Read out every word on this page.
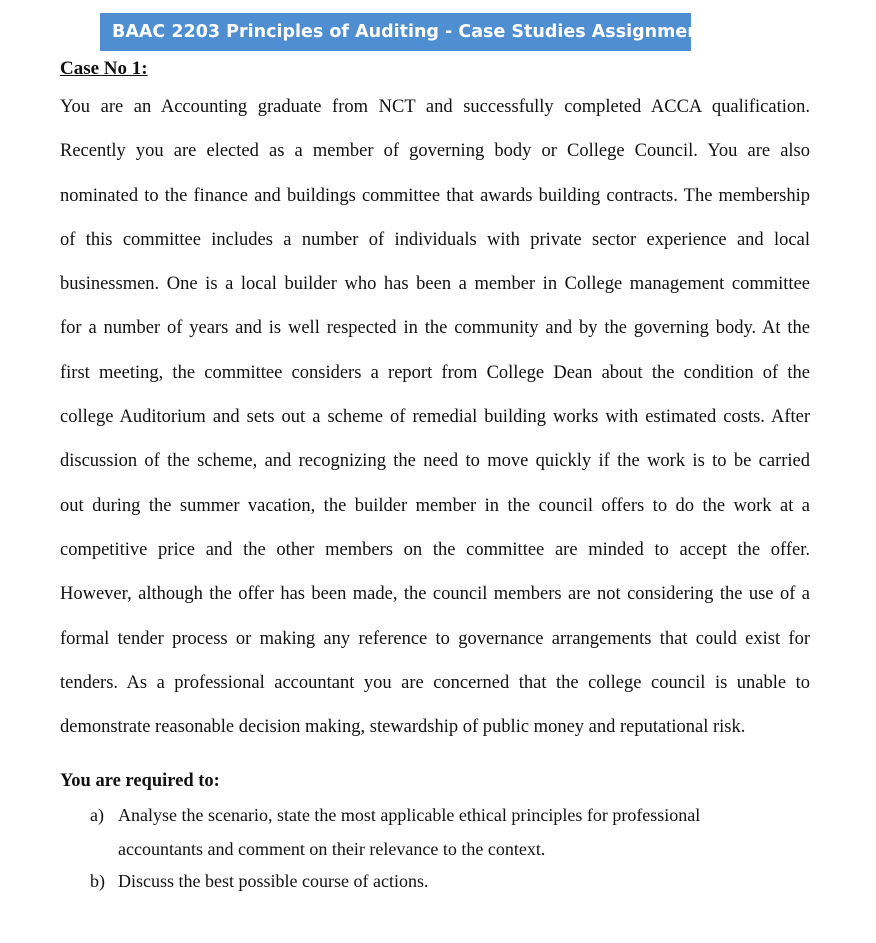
BAAC 2203 Principles of Auditing - Case Studies Assignment
Case No 1:

You are an Accounting graduate from NCT and successfully completed ACCA qualification.
Recently you are elected as a member of governing body or College Council. You are also
nominated to the finance and buildings committee that awards building contracts. The membership
of this committee includes a number of individuals with private sector experience and local
businessmen. One is a local builder who has been a member in College management committee
for a number of years and is well respected in the community and by the governing body. At the
first meeting, the committee considers a report from College Dean about the condition of the
college Auditorium and sets out a scheme of remedial building works with estimated costs. After
discussion of the scheme, and recognizing the need to move quickly if the work is to be carried
out during the summer vacation, the builder member in the council offers to do the work at a
competitive price and the other members on the committee are minded to accept the offer.
However, although the offer has been made, the council members are not considering the use of a
formal tender process or making any reference to governance arrangements that could exist for
tenders. As a professional accountant you are concerned that the college council is unable to
demonstrate reasonable decision making, stewardship of public money and reputational risk.

You are required to:
a) Analyse the scenario, state the most applicable ethical principles for professional
accountants and comment on their relevance to the context.
b) Discuss the best possible course of actions.
